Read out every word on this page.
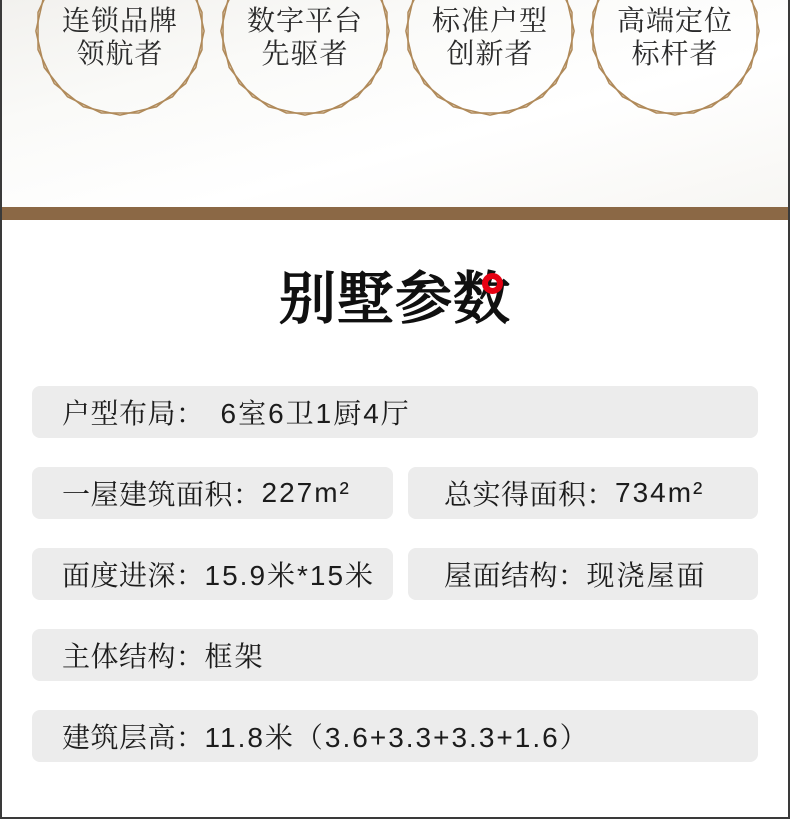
连锁品牌
领航者
数字平台
先驱者
标准户型
创新者
高端定位
标杆者
别墅参数
户型布局： 6室6卫1厨4厅
一屋建筑面积： 227m²	总实得面积： 734m²
面度进深： 15.9米*15米 屋面结构： 现浇屋面
主体结构： 框架
建筑层高： 11.8米（3.6+3.3+3.3+1.6）
